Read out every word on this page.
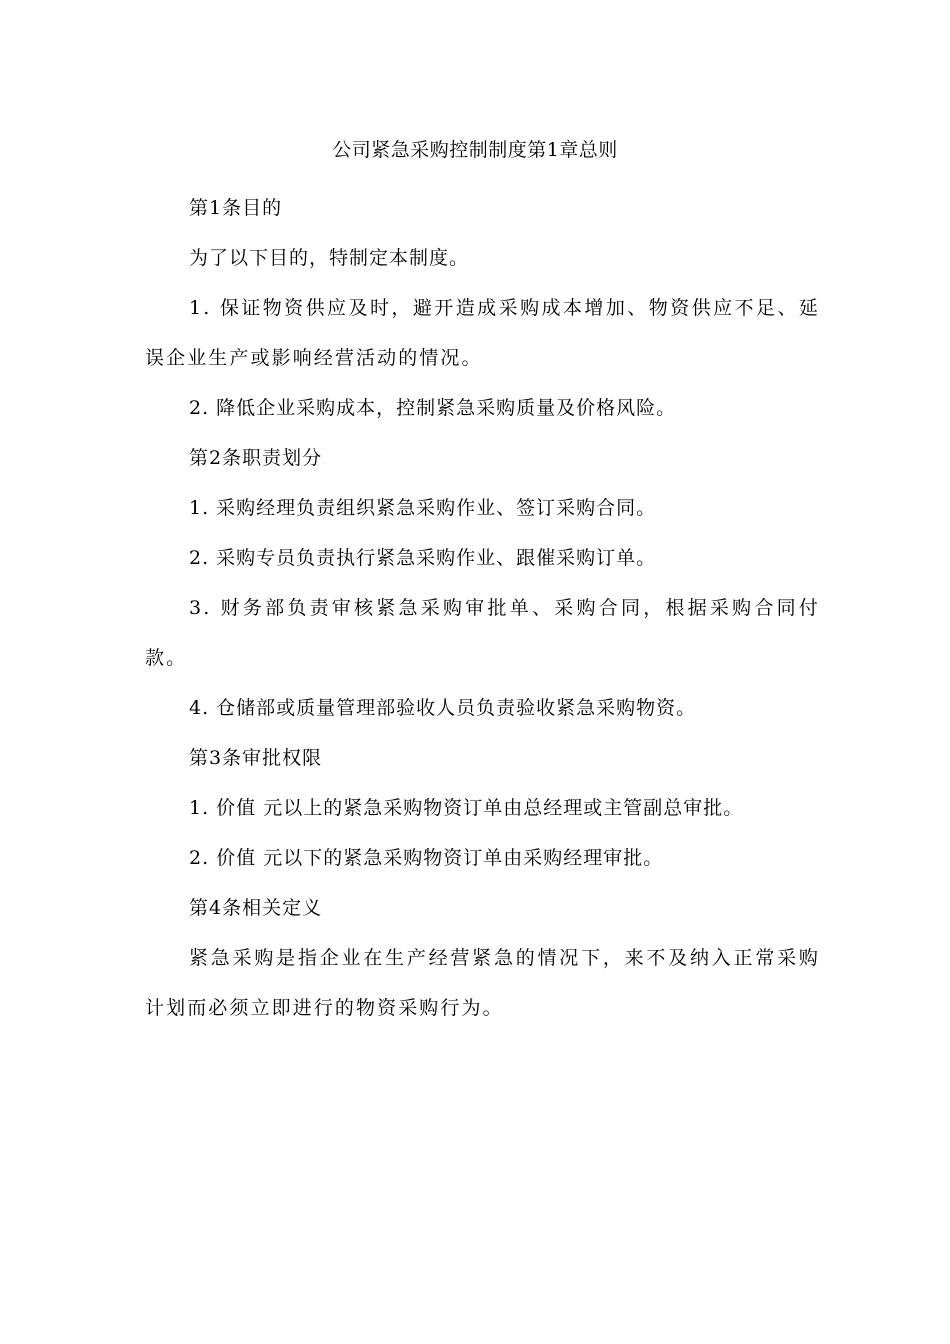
公司紧急采购控制制度第1章总则

第1条目的

为了以下目的，特制定本制度。

1. 保证物资供应及时，避开造成采购成本增加、物资供应不足、延误企业生产或影响经营活动的情况。

2. 降低企业采购成本，控制紧急采购质量及价格风险。

第2条职责划分

1. 采购经理负责组织紧急采购作业、签订采购合同。

2. 采购专员负责执行紧急采购作业、跟催采购订单。

3. 财务部负责审核紧急采购审批单、采购合同，根据采购合同付款。

4. 仓储部或质量管理部验收人员负责验收紧急采购物资。

第3条审批权限

1. 价值 元以上的紧急采购物资订单由总经理或主管副总审批。

2. 价值 元以下的紧急采购物资订单由采购经理审批。

第4条相关定义

紧急采购是指企业在生产经营紧急的情况下，来不及纳入正常采购计划而必须立即进行的物资采购行为。
